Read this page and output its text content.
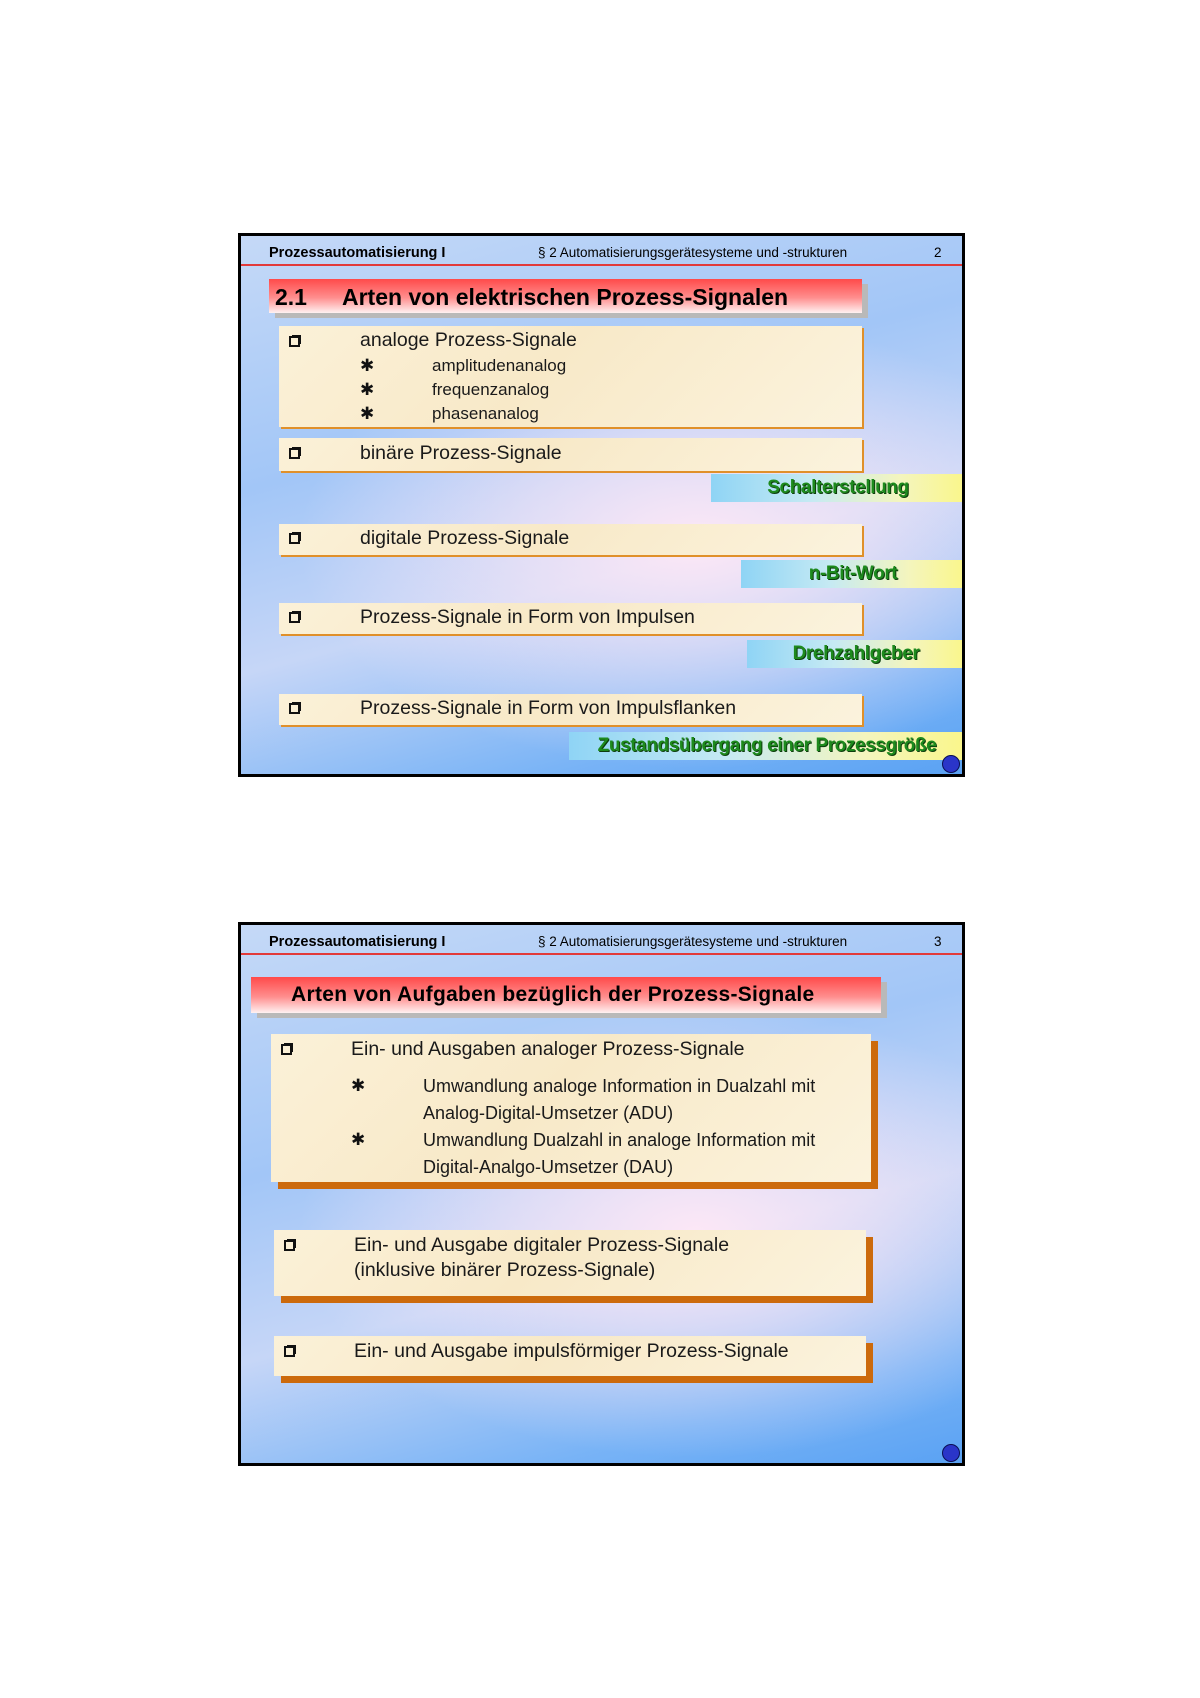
Prozessautomatisierung I	§ 2 Automatisierungsgerätesysteme und -strukturen	2
2.1 Arten von elektrischen Prozess-Signalen
analoge Prozess-Signale
✱	amplitudenanalog
✱	frequenzanalog
✱	phasenanalog
binäre Prozess-Signale
Schalterstellung
digitale Prozess-Signale
n-Bit-Wort
Prozess-Signale in Form von Impulsen
Drehzahlgeber
Prozess-Signale in Form von Impulsflanken
Zustandsübergang einer Prozessgröße
Prozessautomatisierung I	§ 2 Automatisierungsgerätesysteme und -strukturen	3
Arten von Aufgaben bezüglich der Prozess-Signale
Ein- und Ausgaben analoger Prozess-Signale
✱	Umwandlung analoge Information in Dualzahl mit
Analog-Digital-Umsetzer (ADU)
✱	Umwandlung Dualzahl in analoge Information mit
Digital-Analgo-Umsetzer (DAU)
Ein- und Ausgabe digitaler Prozess-Signale
(inklusive binärer Prozess-Signale)
Ein- und Ausgabe impulsförmiger Prozess-Signale
